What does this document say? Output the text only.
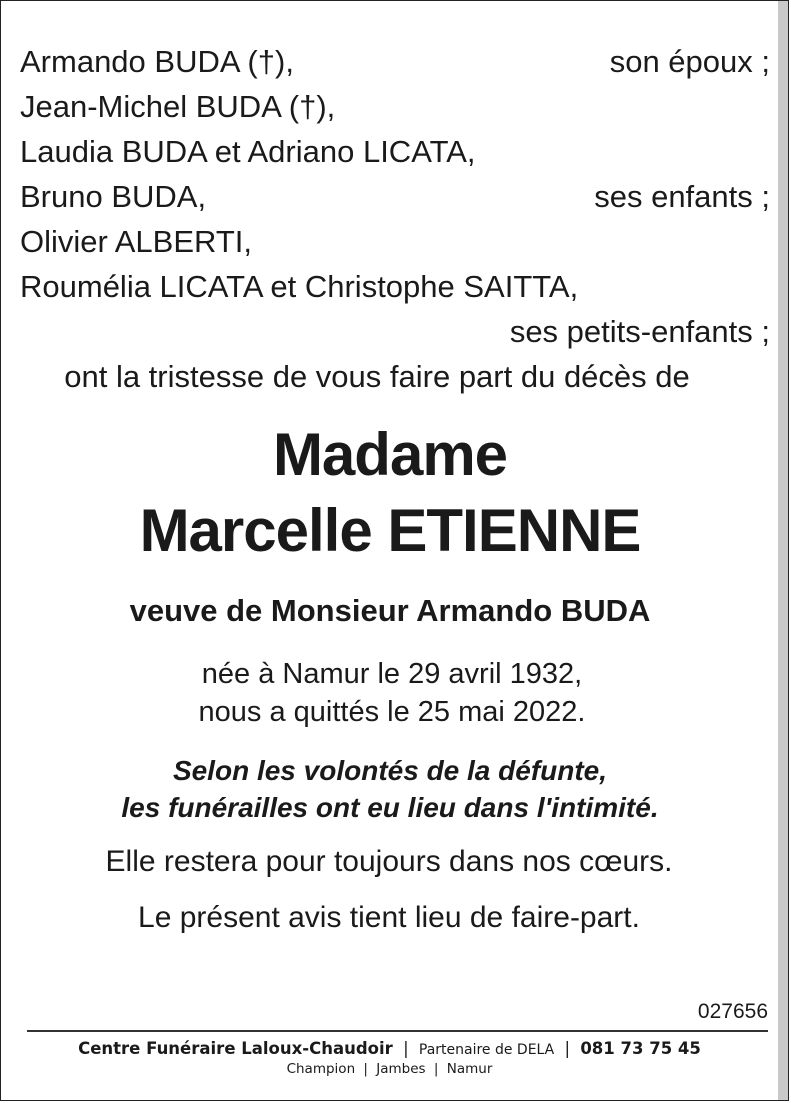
Armando BUDA (†),	son époux ;
Jean-Michel BUDA (†),
Laudia BUDA et Adriano LICATA,
Bruno BUDA,	ses enfants ;
Olivier ALBERTI,
Roumélia LICATA et Christophe SAITTA,
ses petits-enfants ;
ont la tristesse de vous faire part du décès de
Madame
Marcelle ETIENNE
veuve de Monsieur Armando BUDA
née à Namur le 29 avril 1932,
nous a quittés le 25 mai 2022.
Selon les volontés de la défunte,
les funérailles ont eu lieu dans l'intimité.
Elle restera pour toujours dans nos cœurs.
Le présent avis tient lieu de faire-part.
027656
Centre Funéraire Laloux-Chaudoir | Partenaire de DELA | 081 73 75 45
Champion | Jambes | Namur
